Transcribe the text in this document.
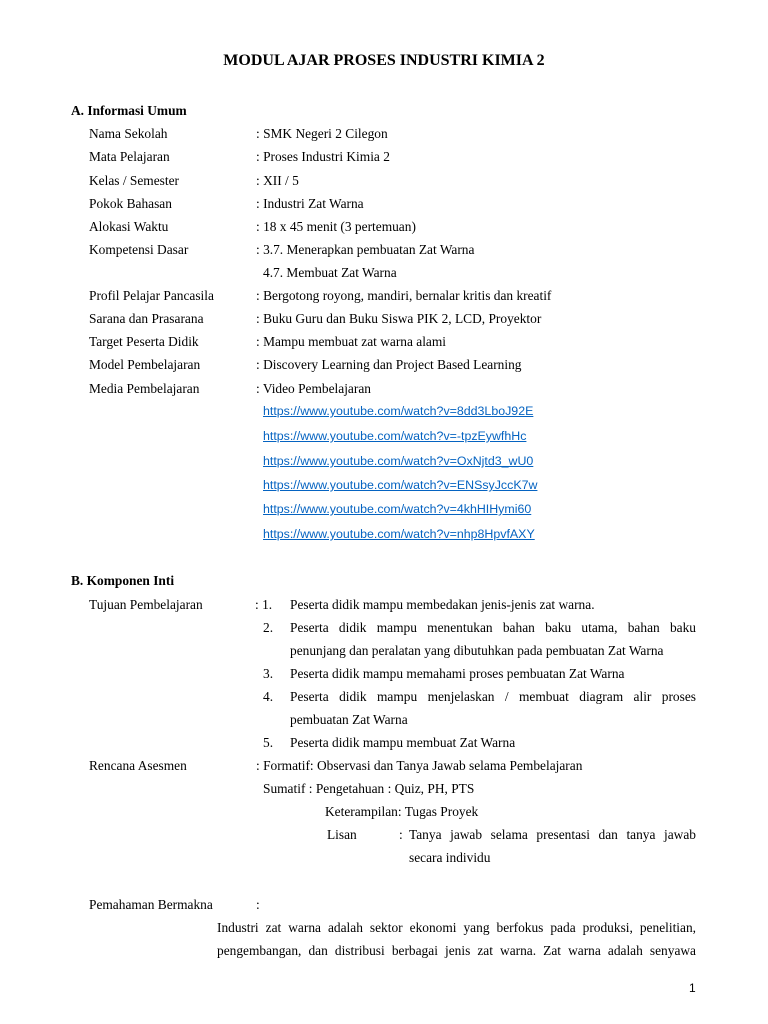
MODUL AJAR PROSES INDUSTRI KIMIA 2
A. Informasi Umum
Nama Sekolah	: SMK Negeri 2 Cilegon
Mata Pelajaran	: Proses Industri Kimia 2
Kelas / Semester	: XII / 5
Pokok Bahasan	: Industri Zat Warna
Alokasi Waktu	: 18 x 45 menit (3 pertemuan)
Kompetensi Dasar	: 3.7. Menerapkan pembuatan Zat Warna
4.7. Membuat Zat Warna
Profil Pelajar Pancasila	: Bergotong royong, mandiri, bernalar kritis dan kreatif
Sarana dan Prasarana	: Buku Guru dan Buku Siswa PIK 2, LCD, Proyektor
Target Peserta Didik	: Mampu membuat zat warna alami
Model Pembelajaran	: Discovery Learning dan Project Based Learning
Media Pembelajaran	: Video Pembelajaran
https://www.youtube.com/watch?v=8dd3LboJ92E
https://www.youtube.com/watch?v=-tpzEywfhHc
https://www.youtube.com/watch?v=OxNjtd3_wU0
https://www.youtube.com/watch?v=ENSsyJccK7w
https://www.youtube.com/watch?v=4khHIHymi60
https://www.youtube.com/watch?v=nhp8HpvfAXY
B. Komponen Inti
Tujuan Pembelajaran	: 1. Peserta didik mampu membedakan jenis-jenis zat warna.
2. Peserta didik mampu menentukan bahan baku utama, bahan baku
penunjang dan peralatan yang dibutuhkan pada pembuatan Zat Warna
3. Peserta didik mampu memahami proses pembuatan Zat Warna
4. Peserta didik mampu menjelaskan / membuat diagram alir proses
pembuatan Zat Warna
5. Peserta didik mampu membuat Zat Warna
Rencana Asesmen	: Formatif: Observasi dan Tanya Jawab selama Pembelajaran
Sumatif : Pengetahuan : Quiz, PH, PTS
Keterampilan: Tugas Proyek
Lisan	: Tanya jawab selama presentasi dan tanya jawab
secara individu
Pemahaman Bermakna	:
Industri zat warna adalah sektor ekonomi yang berfokus pada produksi, penelitian,
pengembangan, dan distribusi berbagai jenis zat warna. Zat warna adalah senyawa
1
